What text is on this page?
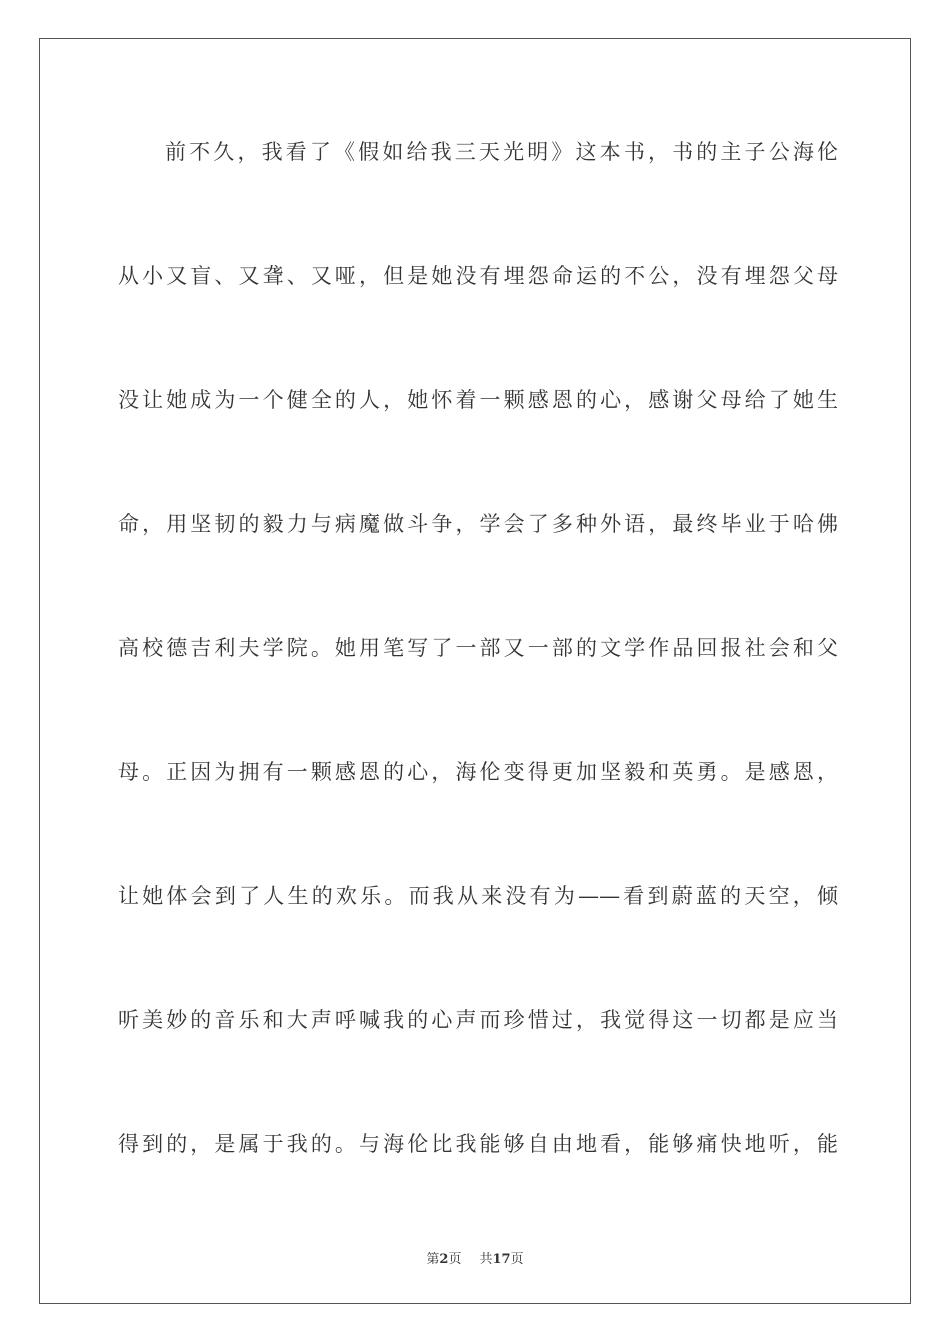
前不久，我看了《假如给我三天光明》这本书，书的主子公海伦

从小又盲、又聋、又哑，但是她没有埋怨命运的不公，没有埋怨父母

没让她成为一个健全的人，她怀着一颗感恩的心，感谢父母给了她生

命，用坚韧的毅力与病魔做斗争，学会了多种外语，最终毕业于哈佛

高校德吉利夫学院。她用笔写了一部又一部的文学作品回报社会和父

母。正因为拥有一颗感恩的心，海伦变得更加坚毅和英勇。是感恩，

让她体会到了人生的欢乐。而我从来没有为——看到蔚蓝的天空，倾

听美妙的音乐和大声呼喊我的心声而珍惜过，我觉得这一切都是应当

得到的，是属于我的。与海伦比我能够自由地看，能够痛快地听，能

第2页 共17页
